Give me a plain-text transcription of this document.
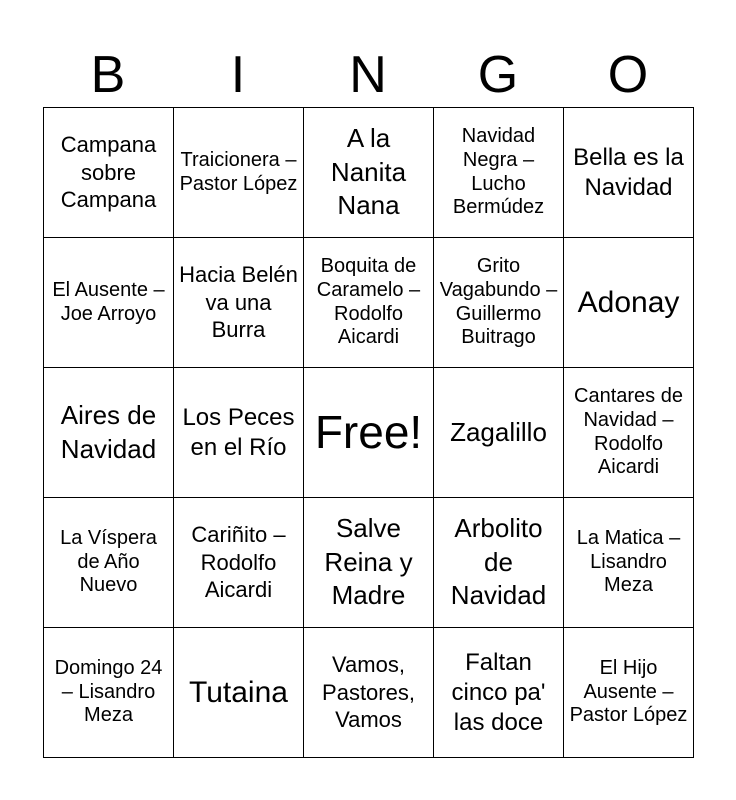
B	I	N	G	O
Campana sobre Campana	Traicionera – Pastor López	A la Nanita Nana	Navidad Negra – Lucho Bermúdez	Bella es la Navidad
El Ausente – Joe Arroyo	Hacia Belén va una Burra	Boquita de Caramelo – Rodolfo Aicardi	Grito Vagabundo – Guillermo Buitrago	Adonay
Aires de Navidad	Los Peces en el Río	Free!	Zagalillo	Cantares de Navidad – Rodolfo Aicardi
La Víspera de Año Nuevo	Cariñito – Rodolfo Aicardi	Salve Reina y Madre	Arbolito de Navidad	La Matica – Lisandro Meza
Domingo 24 – Lisandro Meza	Tutaina	Vamos, Pastores, Vamos	Faltan cinco pa' las doce	El Hijo Ausente – Pastor López
